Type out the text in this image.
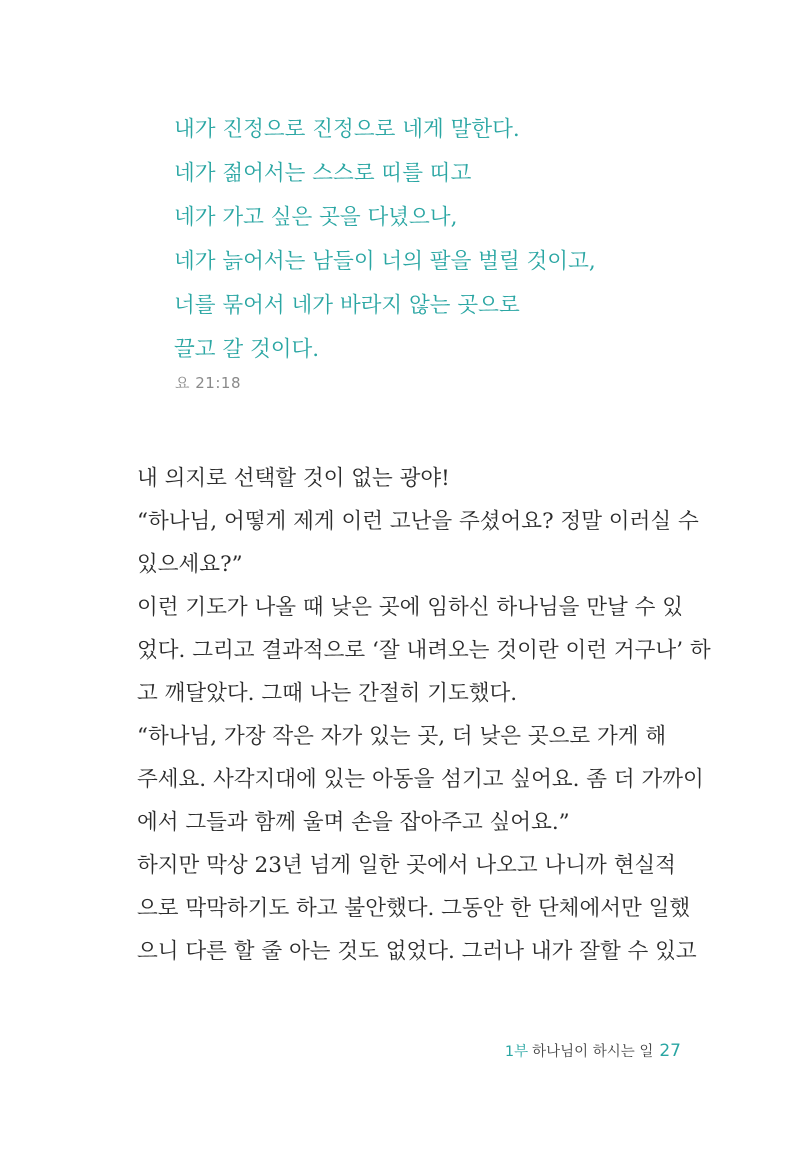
내가 진정으로 진정으로 네게 말한다.
네가 젊어서는 스스로 띠를 띠고
네가 가고 싶은 곳을 다녔으나,
네가 늙어서는 남들이 너의 팔을 벌릴 것이고,
너를 묶어서 네가 바라지 않는 곳으로
끌고 갈 것이다.
요 21:18
내 의지로 선택할 것이 없는 광야!
“하나님, 어떻게 제게 이런 고난을 주셨어요? 정말 이러실 수
있으세요?”
이런 기도가 나올 때 낮은 곳에 임하신 하나님을 만날 수 있
었다. 그리고 결과적으로 ‘잘 내려오는 것이란 이런 거구나’ 하
고 깨달았다. 그때 나는 간절히 기도했다.
“하나님, 가장 작은 자가 있는 곳, 더 낮은 곳으로 가게 해
주세요. 사각지대에 있는 아동을 섬기고 싶어요. 좀 더 가까이
에서 그들과 함께 울며 손을 잡아주고 싶어요.”
하지만 막상 23년 넘게 일한 곳에서 나오고 나니까 현실적
으로 막막하기도 하고 불안했다. 그동안 한 단체에서만 일했
으니 다른 할 줄 아는 것도 없었다. 그러나 내가 잘할 수 있고
1부 하나님이 하시는 일 27
